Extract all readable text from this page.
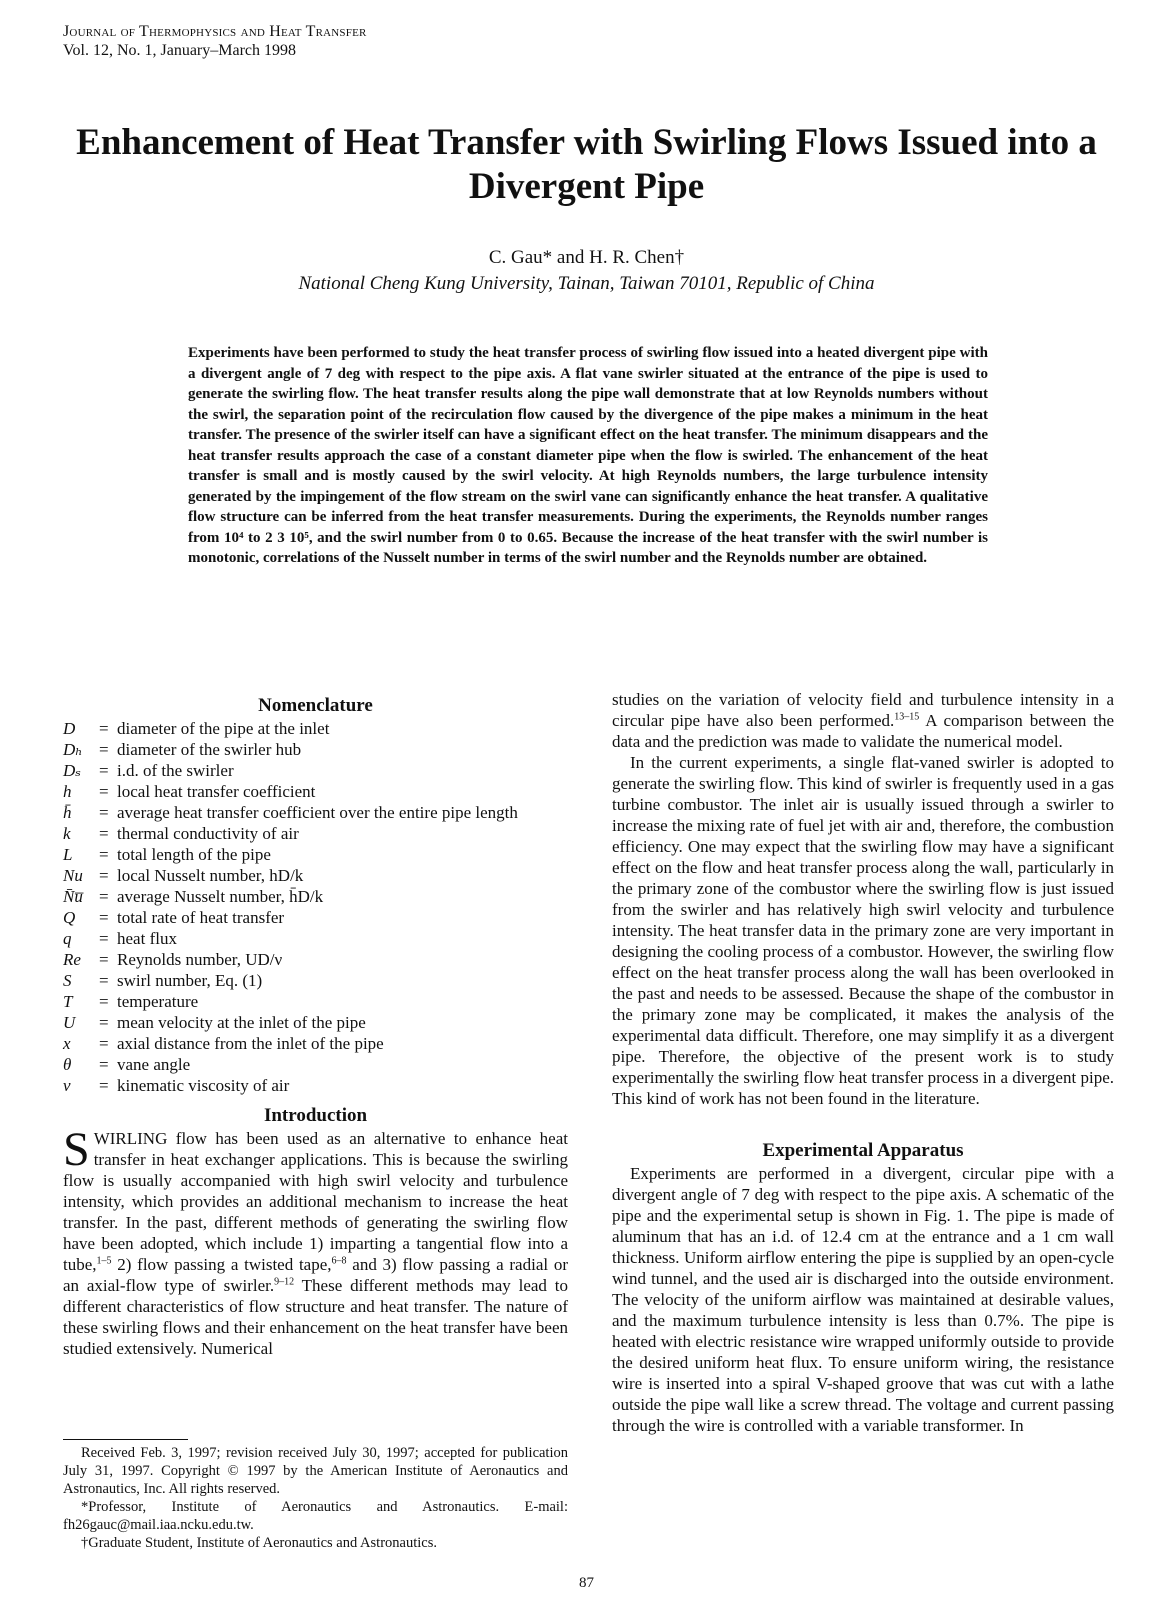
Journal of Thermophysics and Heat Transfer
Vol. 12, No. 1, January–March 1998
Enhancement of Heat Transfer with Swirling Flows Issued into a Divergent Pipe
C. Gau* and H. R. Chen†
National Cheng Kung University, Tainan, Taiwan 70101, Republic of China
Experiments have been performed to study the heat transfer process of swirling flow issued into a heated divergent pipe with a divergent angle of 7 deg with respect to the pipe axis. A flat vane swirler situated at the entrance of the pipe is used to generate the swirling flow. The heat transfer results along the pipe wall demonstrate that at low Reynolds numbers without the swirl, the separation point of the recirculation flow caused by the divergence of the pipe makes a minimum in the heat transfer. The presence of the swirler itself can have a significant effect on the heat transfer. The minimum disappears and the heat transfer results approach the case of a constant diameter pipe when the flow is swirled. The enhancement of the heat transfer is small and is mostly caused by the swirl velocity. At high Reynolds numbers, the large turbulence intensity generated by the impingement of the flow stream on the swirl vane can significantly enhance the heat transfer. A qualitative flow structure can be inferred from the heat transfer measurements. During the experiments, the Reynolds number ranges from 10⁴ to 2 3 10⁵, and the swirl number from 0 to 0.65. Because the increase of the heat transfer with the swirl number is monotonic, correlations of the Nusselt number in terms of the swirl number and the Reynolds number are obtained.
Nomenclature
D	= diameter of the pipe at the inlet
Dₕ = diameter of the swirler hub
Dₛ	= i.d. of the swirler
h	= local heat transfer coefficient
h̄	= average heat transfer coefficient over the entire pipe length
k	= thermal conductivity of air
L	= total length of the pipe
Nu = local Nusselt number, hD/k
N̄u̅ = average Nusselt number, h̄D/k
Q	= total rate of heat transfer
q	= heat flux
Re	= Reynolds number, UD/ν
S	= swirl number, Eq. (1)
T	= temperature
U	= mean velocity at the inlet of the pipe
x	= axial distance from the inlet of the pipe
θ	= vane angle
ν	= kinematic viscosity of air
Introduction

SWIRLING flow has been used as an alternative to enhance heat transfer in heat exchanger applications. This is because the swirling flow is usually accompanied with high swirl velocity and turbulence intensity, which provides an additional mechanism to increase the heat transfer. In the past, different methods of generating the swirling flow have been adopted, which include 1) imparting a tangential flow into a tube,$^{1-5}$ 2) flow passing a twisted tape,$^{6-8}$ and 3) flow passing a radial or an axial-flow type of swirler.$^{9-12}$ These different methods may lead to different characteristics of flow structure and heat transfer. The nature of these swirling flows and their enhancement on the heat transfer have been studied extensively. Numerical

Received Feb. 3, 1997; revision received July 30, 1997; accepted for publication July 31, 1997. Copyright © 1997 by the American Institute of Aeronautics and Astronautics, Inc. All rights reserved.

*Professor, Institute of Aeronautics and Astronautics. E-mail: fh26gauc@mail.iaa.ncku.edu.tw.

†Graduate Student, Institute of Aeronautics and Astronautics.

studies on the variation of velocity field and turbulence intensity in a circular pipe have also been performed.$^{13-15}$ A comparison between the data and the prediction was made to validate the numerical model.

In the current experiments, a single flat-vaned swirler is adopted to generate the swirling flow. This kind of swirler is frequently used in a gas turbine combustor. The inlet air is usually issued through a swirler to increase the mixing rate of fuel jet with air and, therefore, the combustion efficiency. One may expect that the swirling flow may have a significant effect on the flow and heat transfer process along the wall, particularly in the primary zone of the combustor where the swirling flow is just issued from the swirler and has relatively high swirl velocity and turbulence intensity. The heat transfer data in the primary zone are very important in designing the cooling process of a combustor. However, the swirling flow effect on the heat transfer process along the wall has been overlooked in the past and needs to be assessed. Because the shape of the combustor in the primary zone may be complicated, it makes the analysis of the experimental data difficult. Therefore, one may simplify it as a divergent pipe. Therefore, the objective of the present work is to study experimentally the swirling flow heat transfer process in a divergent pipe. This kind of work has not been found in the literature.

Experimental Apparatus

Experiments are performed in a divergent, circular pipe with a divergent angle of 7 deg with respect to the pipe axis. A schematic of the pipe and the experimental setup is shown in Fig. 1. The pipe is made of aluminum that has an i.d. of 12.4 cm at the entrance and a 1 cm wall thickness. Uniform airflow entering the pipe is supplied by an open-cycle wind tunnel, and the used air is discharged into the outside environment. The velocity of the uniform airflow was maintained at desirable values, and the maximum turbulence intensity is less than 0.7%. The pipe is heated with electric resistance wire wrapped uniformly outside to provide the desired uniform heat flux. To ensure uniform wiring, the resistance wire is inserted into a spiral V-shaped groove that was cut with a lathe outside the pipe wall like a screw thread. The voltage and current passing through the wire is controlled with a variable transformer. In

87
